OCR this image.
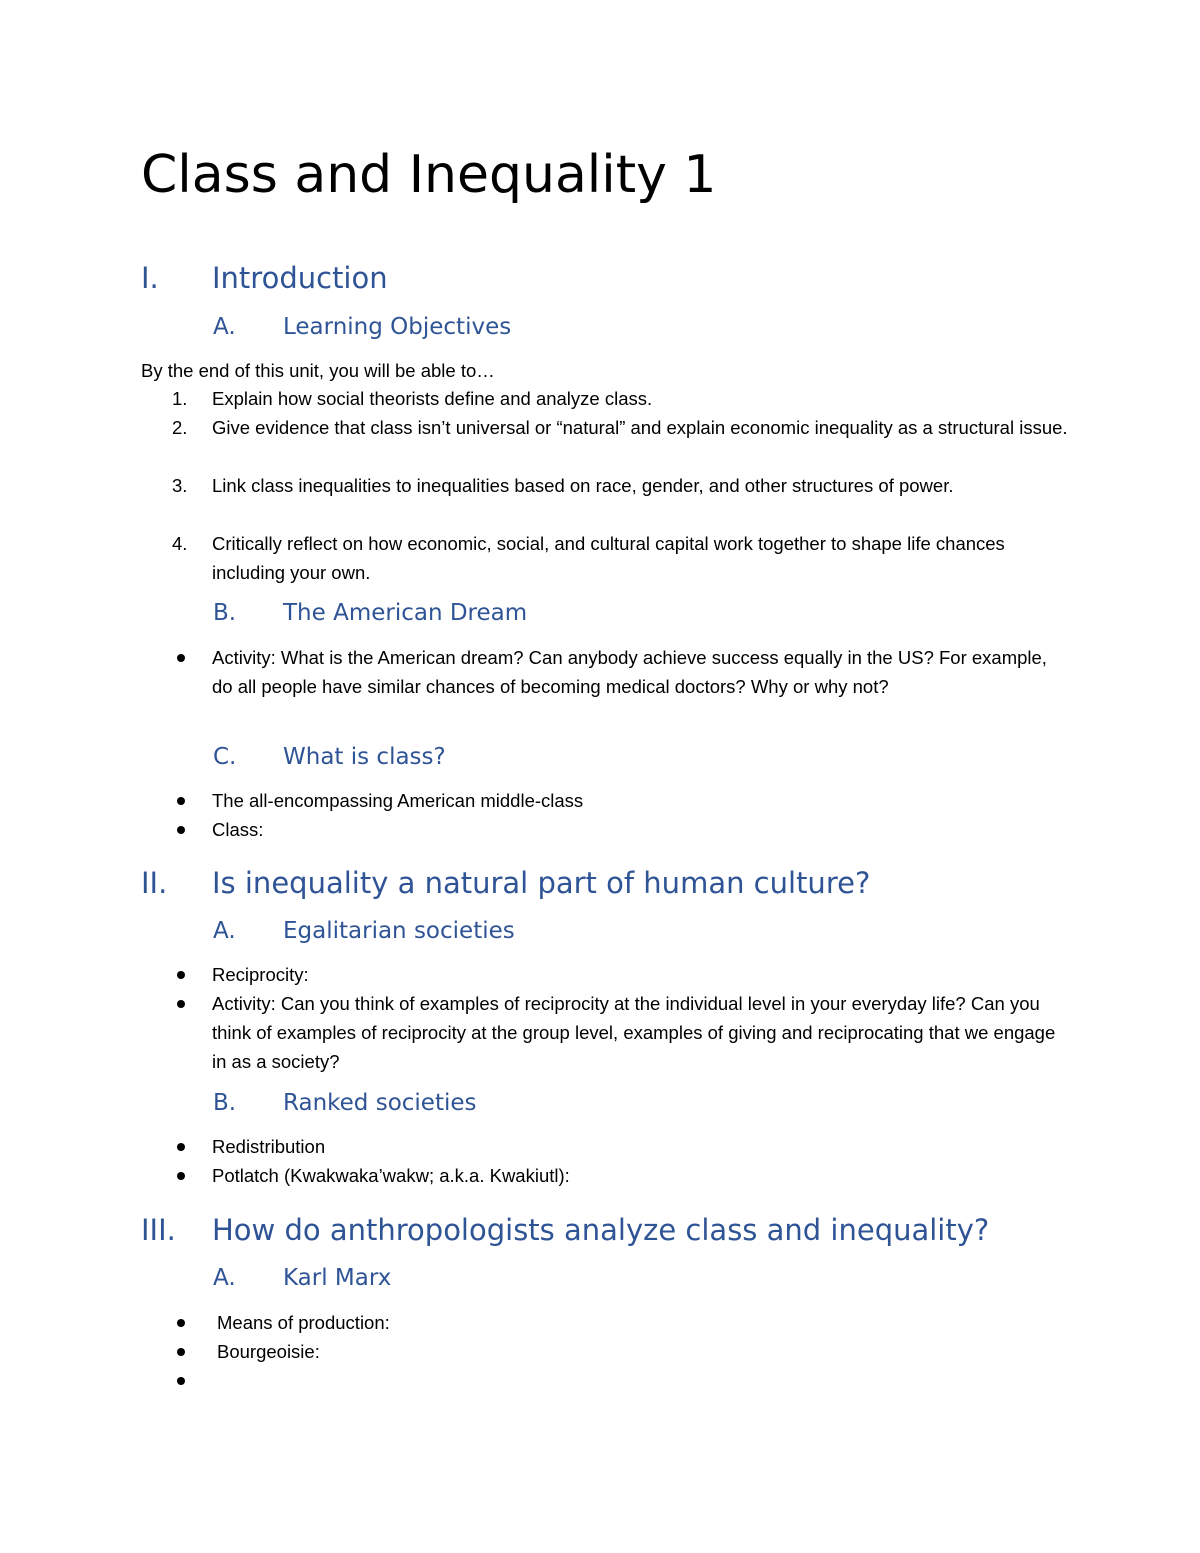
Class and Inequality 1
I. Introduction
A. Learning Objectives
By the end of this unit, you will be able to…
1.	Explain how social theorists define and analyze class.
2.	Give evidence that class isn’t universal or “natural” and explain economic inequality as a structural issue.
3.	Link class inequalities to inequalities based on race, gender, and other structures of power.
4.	Critically reflect on how economic, social, and cultural capital work together to shape life chances including your own.
B. The American Dream
Activity: What is the American dream? Can anybody achieve success equally in the US? For example, do all people have similar chances of becoming medical doctors? Why or why not?
C. What is class?
The all-encompassing American middle-class
Class:
II. Is inequality a natural part of human culture?
A. Egalitarian societies
Reciprocity:
Activity: Can you think of examples of reciprocity at the individual level in your everyday life? Can you think of examples of reciprocity at the group level, examples of giving and reciprocating that we engage in as a society?
B. Ranked societies
Redistribution
Potlatch (Kwakwaka’wakw; a.k.a. Kwakiutl):
III. How do anthropologists analyze class and inequality?
A. Karl Marx
Means of production:
Bourgeoisie:
